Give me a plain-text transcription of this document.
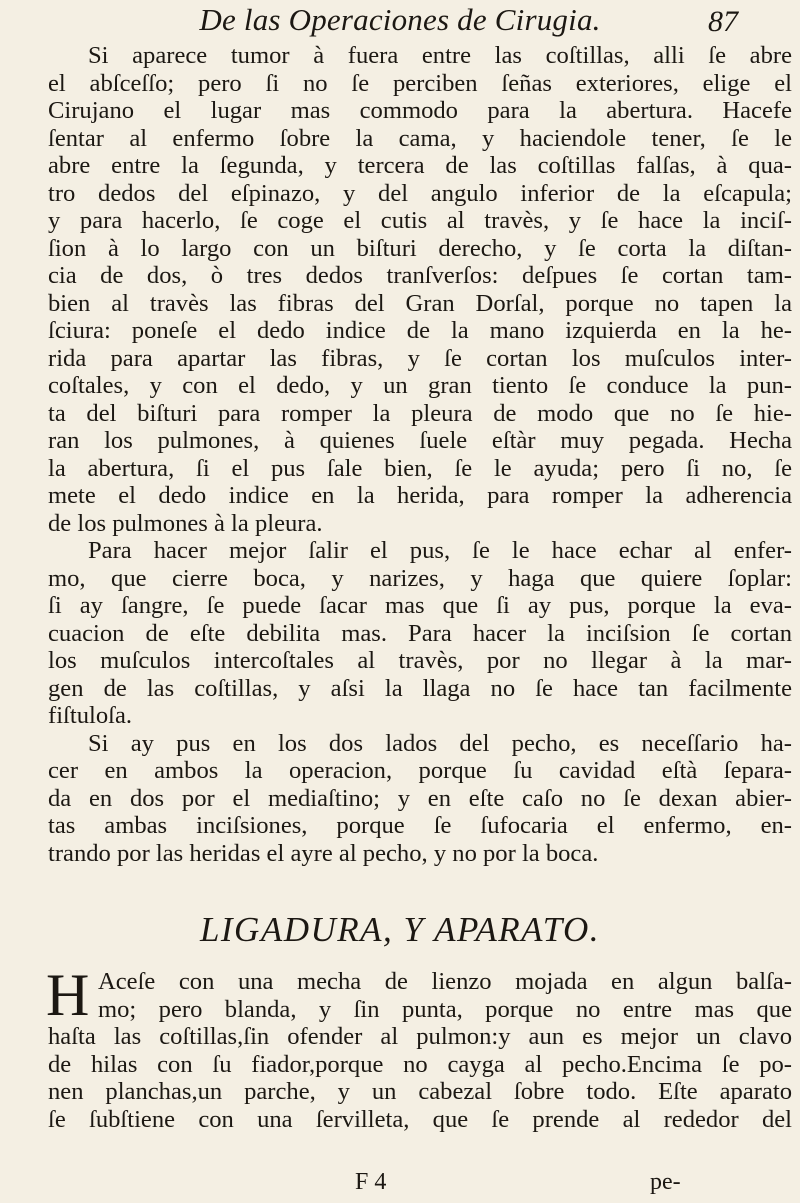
De las Operaciones de Cirugia.	87
Si aparece tumor à fuera entre las coſtillas, alli ſe abre
el abſceſſo; pero ſi no ſe perciben ſeñas exteriores, elige el
Cirujano el lugar mas commodo para la abertura. Hacefe
ſentar al enfermo ſobre la cama, y haciendole tener, ſe le
abre entre la ſegunda, y tercera de las coſtillas falſas, à qua-
tro dedos del eſpinazo, y del angulo inferior de la eſcapula;
y para hacerlo, ſe coge el cutis al travès, y ſe hace la inciſ-
ſion à lo largo con un biſturi derecho, y ſe corta la diſtan-
cia de dos, ò tres dedos tranſverſos: deſpues ſe cortan tam-
bien al travès las fibras del Gran Dorſal, porque no tapen la
ſciura: poneſe el dedo indice de la mano izquierda en la he-
rida para apartar las fibras, y ſe cortan los muſculos inter-
coſtales, y con el dedo, y un gran tiento ſe conduce la pun-
ta del biſturi para romper la pleura de modo que no ſe hie-
ran los pulmones, à quienes ſuele eſtàr muy pegada. Hecha
la abertura, ſi el pus ſale bien, ſe le ayuda; pero ſi no, ſe
mete el dedo indice en la herida, para romper la adherencia
de los pulmones à la pleura.
Para hacer mejor ſalir el pus, ſe le hace echar al enfer-
mo, que cierre boca, y narizes, y haga que quiere ſoplar:
ſi ay ſangre, ſe puede ſacar mas que ſi ay pus, porque la eva-
cuacion de eſte debilita mas. Para hacer la inciſsion ſe cortan
los muſculos intercoſtales al travès, por no llegar à la mar-
gen de las coſtillas, y aſsi la llaga no ſe hace tan facilmente
fiſtuloſa.
Si ay pus en los dos lados del pecho, es neceſſario ha-
cer en ambos la operacion, porque ſu cavidad eſtà ſepara-
da en dos por el mediaſtino; y en eſte caſo no ſe dexan abier-
tas ambas inciſsiones, porque ſe ſufocaria el enfermo, en-
trando por las heridas el ayre al pecho, y no por la boca.
LIGADURA, Y APARATO.
H Aceſe con una mecha de lienzo mojada en algun balſa-
mo; pero blanda, y ſin punta, porque no entre mas que
haſta las coſtillas,ſin ofender al pulmon:y aun es mejor un clavo
de hilas con ſu fiador,porque no cayga al pecho.Encima ſe po-
nen planchas,un parche, y un cabezal ſobre todo. Eſte aparato
ſe ſubſtiene con una ſervilleta, que ſe prende al rededor del
F 4	pe-
